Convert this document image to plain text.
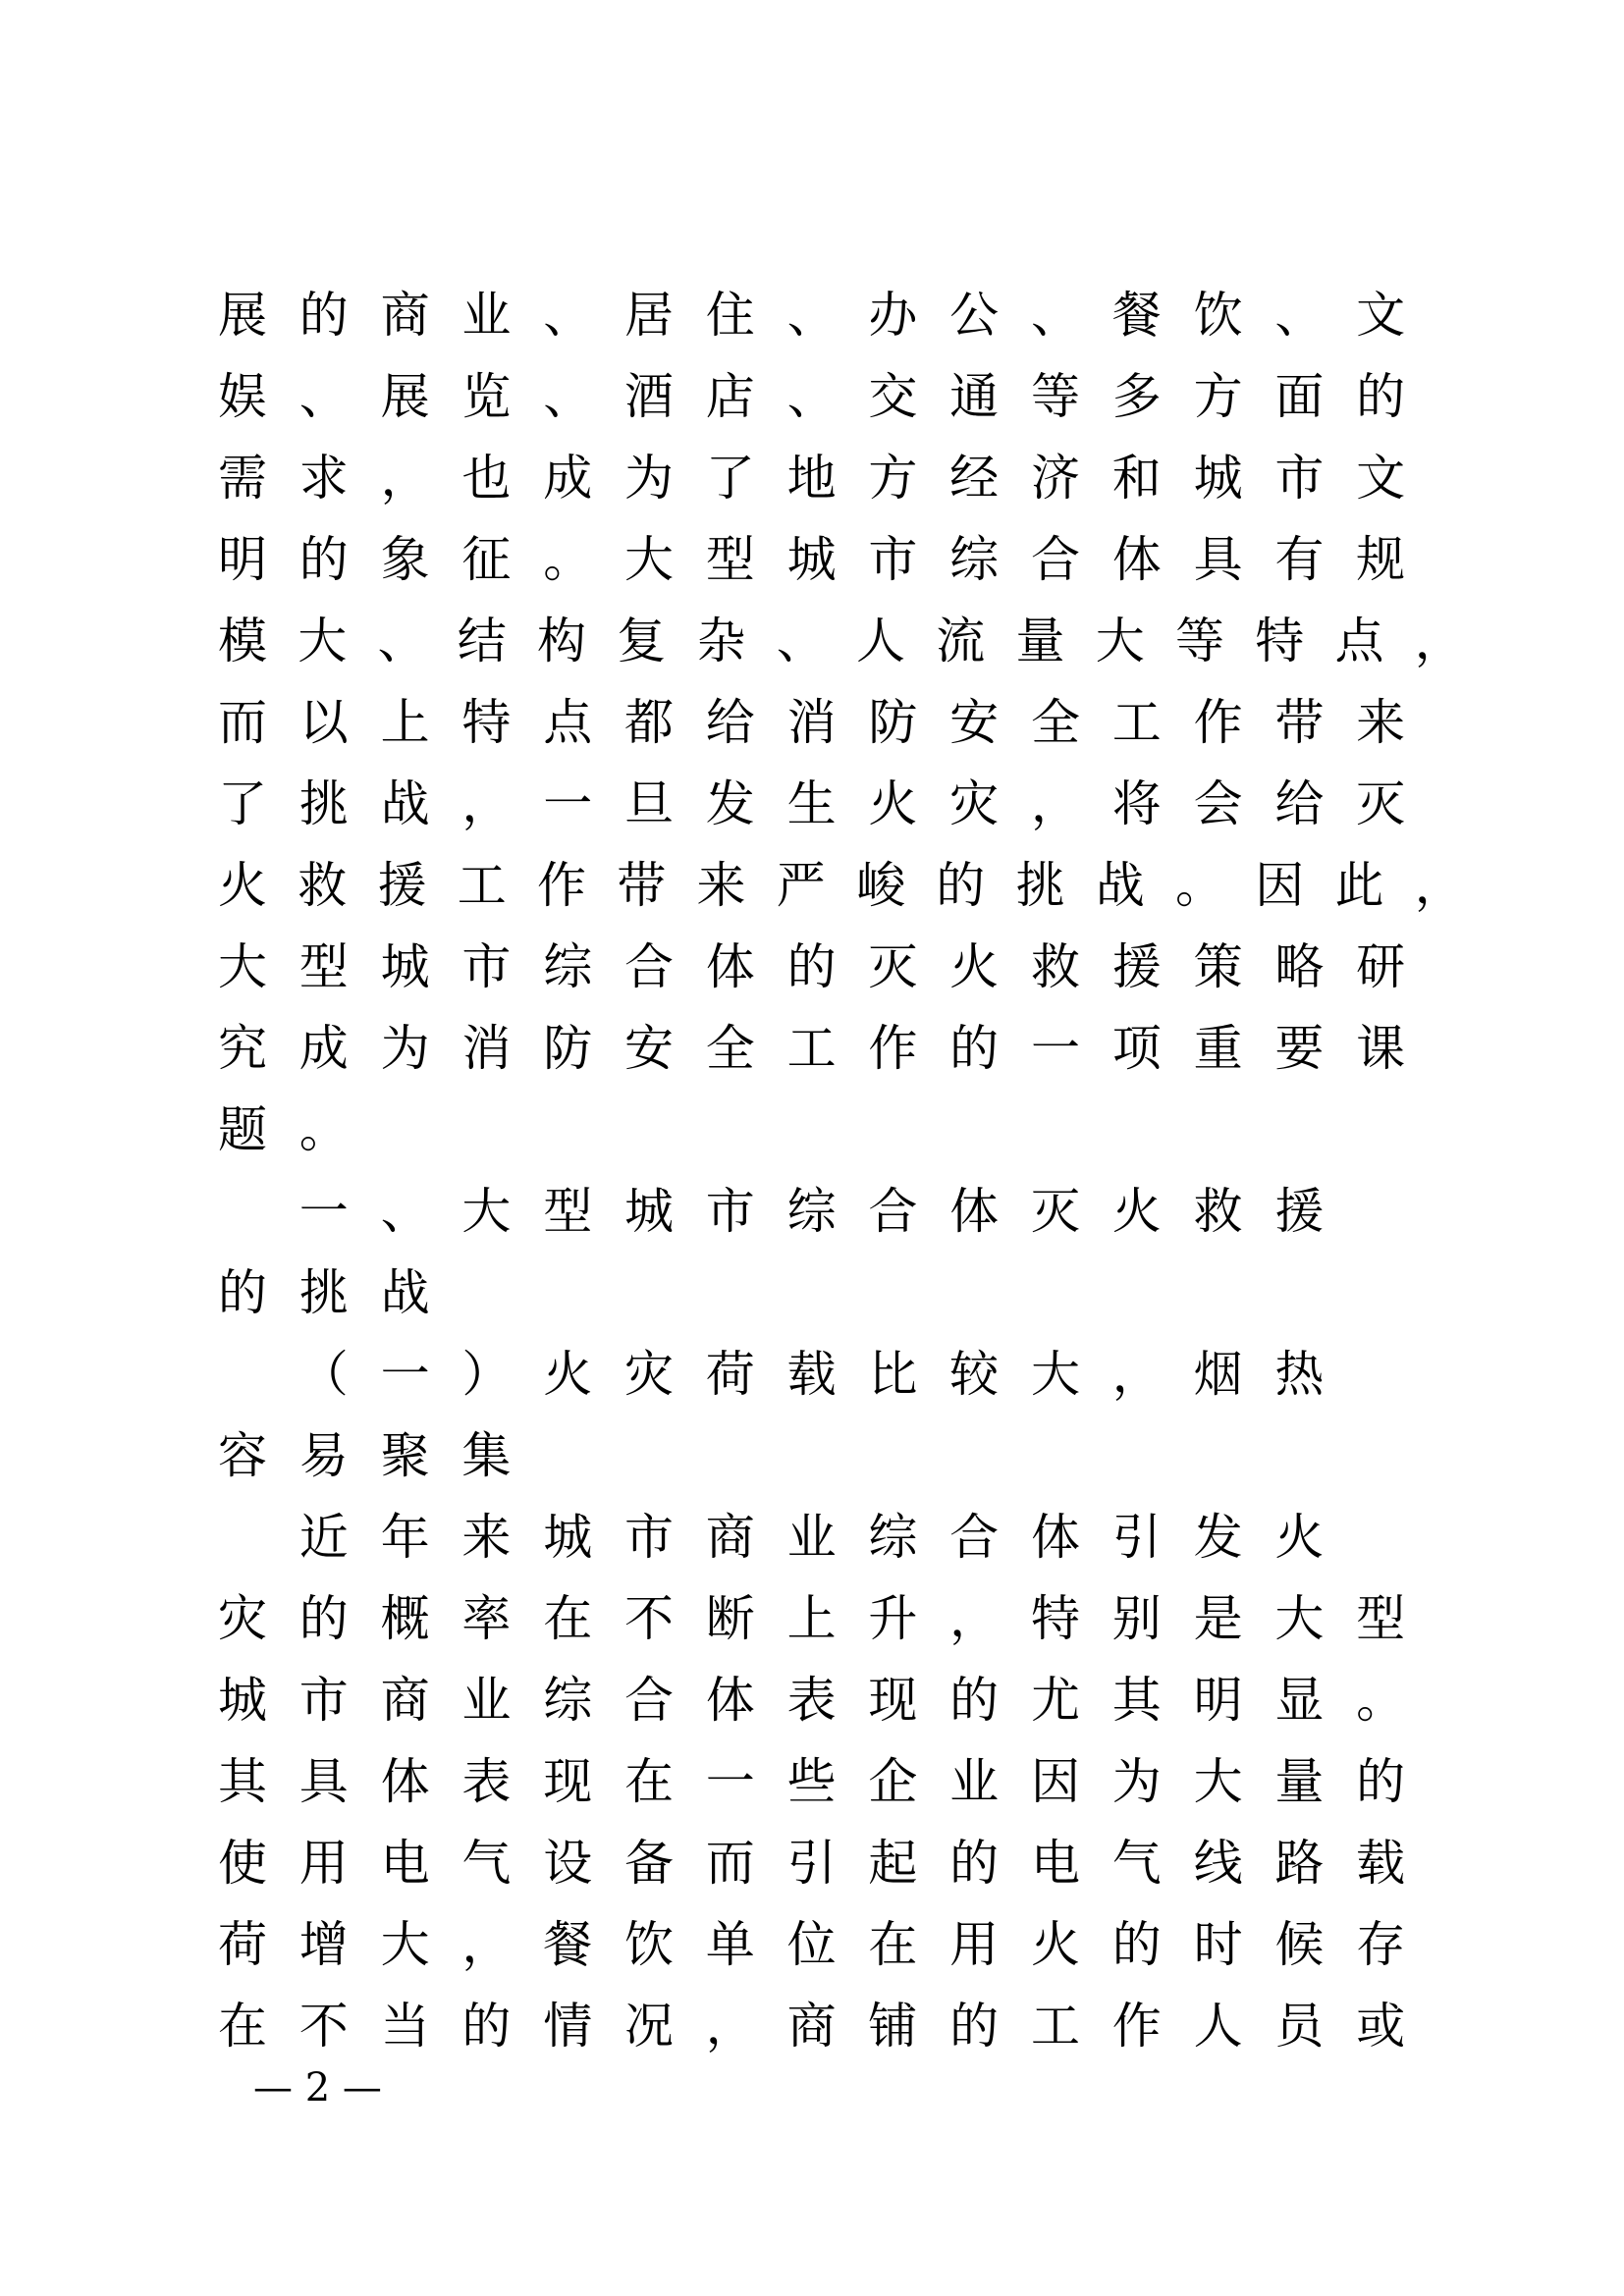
展 的 商 业 、 居 住 、 办 公 、 餐 饮 、 文
娱 、 展 览 、 酒 店 、 交 通 等 多 方 面 的
需 求 ， 也 成 为 了 地 方 经 济 和 城 市 文
明 的 象 征 。 大 型 城 市 综 合 体 具 有 规
模 大 、 结 构 复 杂 、 人 流 量 大 等 特 点 ，
而 以 上 特 点 都 给 消 防 安 全 工 作 带 来
了 挑 战 ， 一 旦 发 生 火 灾 ， 将 会 给 灭
火 救 援 工 作 带 来 严 峻 的 挑 战 。 因 此 ，
大 型 城 市 综 合 体 的 灭 火 救 援 策 略 研
究 成 为 消 防 安 全 工 作 的 一 项 重 要 课
题 。
一 、 大 型 城 市 综 合 体 灭 火 救 援
的 挑 战
（ 一 ） 火 灾 荷 载 比 较 大 ， 烟 热
容 易 聚 集
近 年 来 城 市 商 业 综 合 体 引 发 火
灾 的 概 率 在 不 断 上 升 ， 特 别 是 大 型
城 市 商 业 综 合 体 表 现 的 尤 其 明 显 。
其 具 体 表 现 在 一 些 企 业 因 为 大 量 的
使 用 电 气 设 备 而 引 起 的 电 气 线 路 载
荷 增 大 ， 餐 饮 单 位 在 用 火 的 时 候 存
在 不 当 的 情 况 ， 商 铺 的 工 作 人 员 或
— 2 —
